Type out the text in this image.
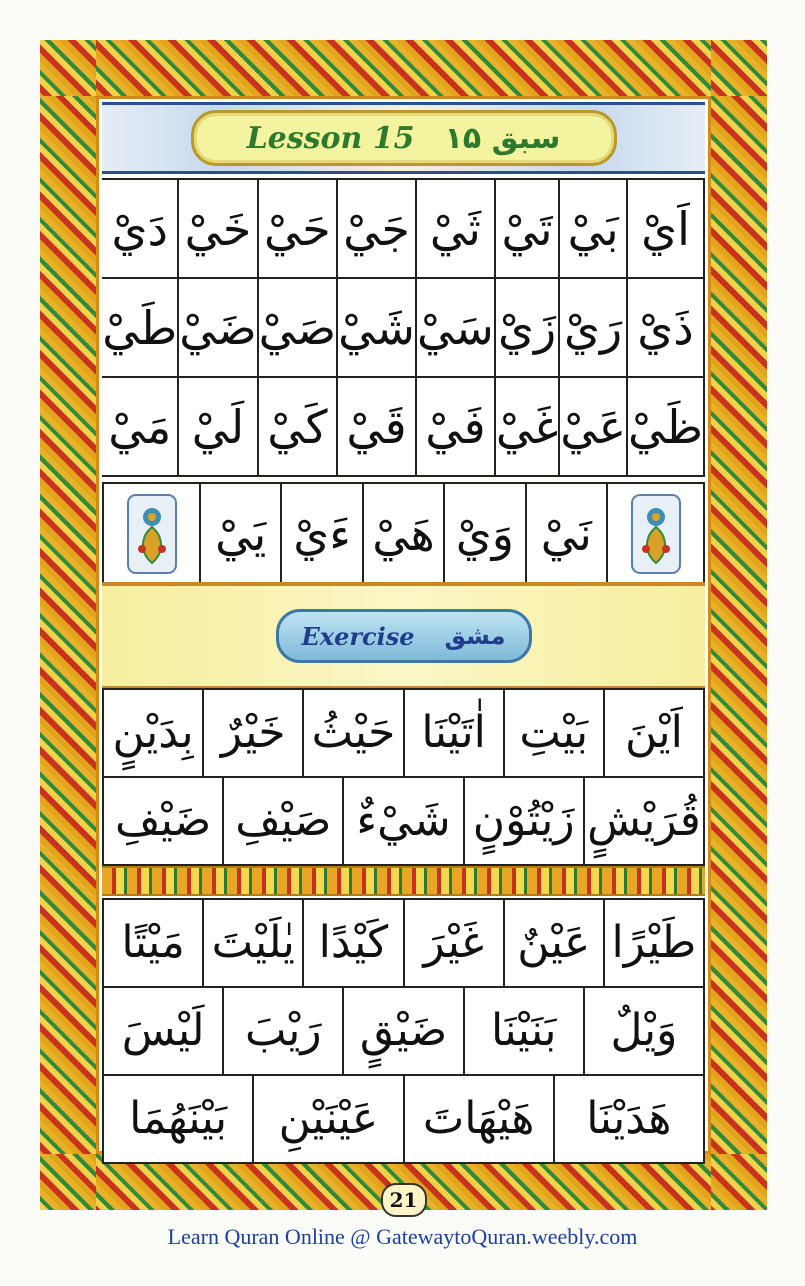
Lesson 15 سبق ۱۵
اَيْ
بَيْ
تَيْ
ثَيْ
جَيْ
حَيْ
خَيْ
دَيْ
ذَيْ
رَيْ
زَيْ
سَيْ
شَيْ
صَيْ
ضَيْ
طَيْ
ظَيْ
عَيْ
غَيْ
فَيْ
قَيْ
كَيْ
لَيْ
مَيْ
نَيْ
وَيْ
هَيْ
ءَيْ
يَيْ
Exercise مشق
اَيْنَ
بَيْتِ
اٰتَيْنَا
حَيْثُ
خَيْرٌ
بِدَيْنٍ
قُرَيْشٍ
زَيْتُوْنٍ
شَيْءٌ
صَيْفِ
ضَيْفِ
طَيْرًا
عَيْنٌ
غَيْرَ
كَيْدًا
يٰلَيْتَ
مَيْتًا
وَيْلٌ
بَنَيْنَا
ضَيْقٍ
رَيْبَ
لَيْسَ
هَدَيْنَا
هَيْهَاتَ
عَيْنَيْنِ
بَيْنَهُمَا
21
Learn Quran Online @ GatewaytoQuran.weebly.com
